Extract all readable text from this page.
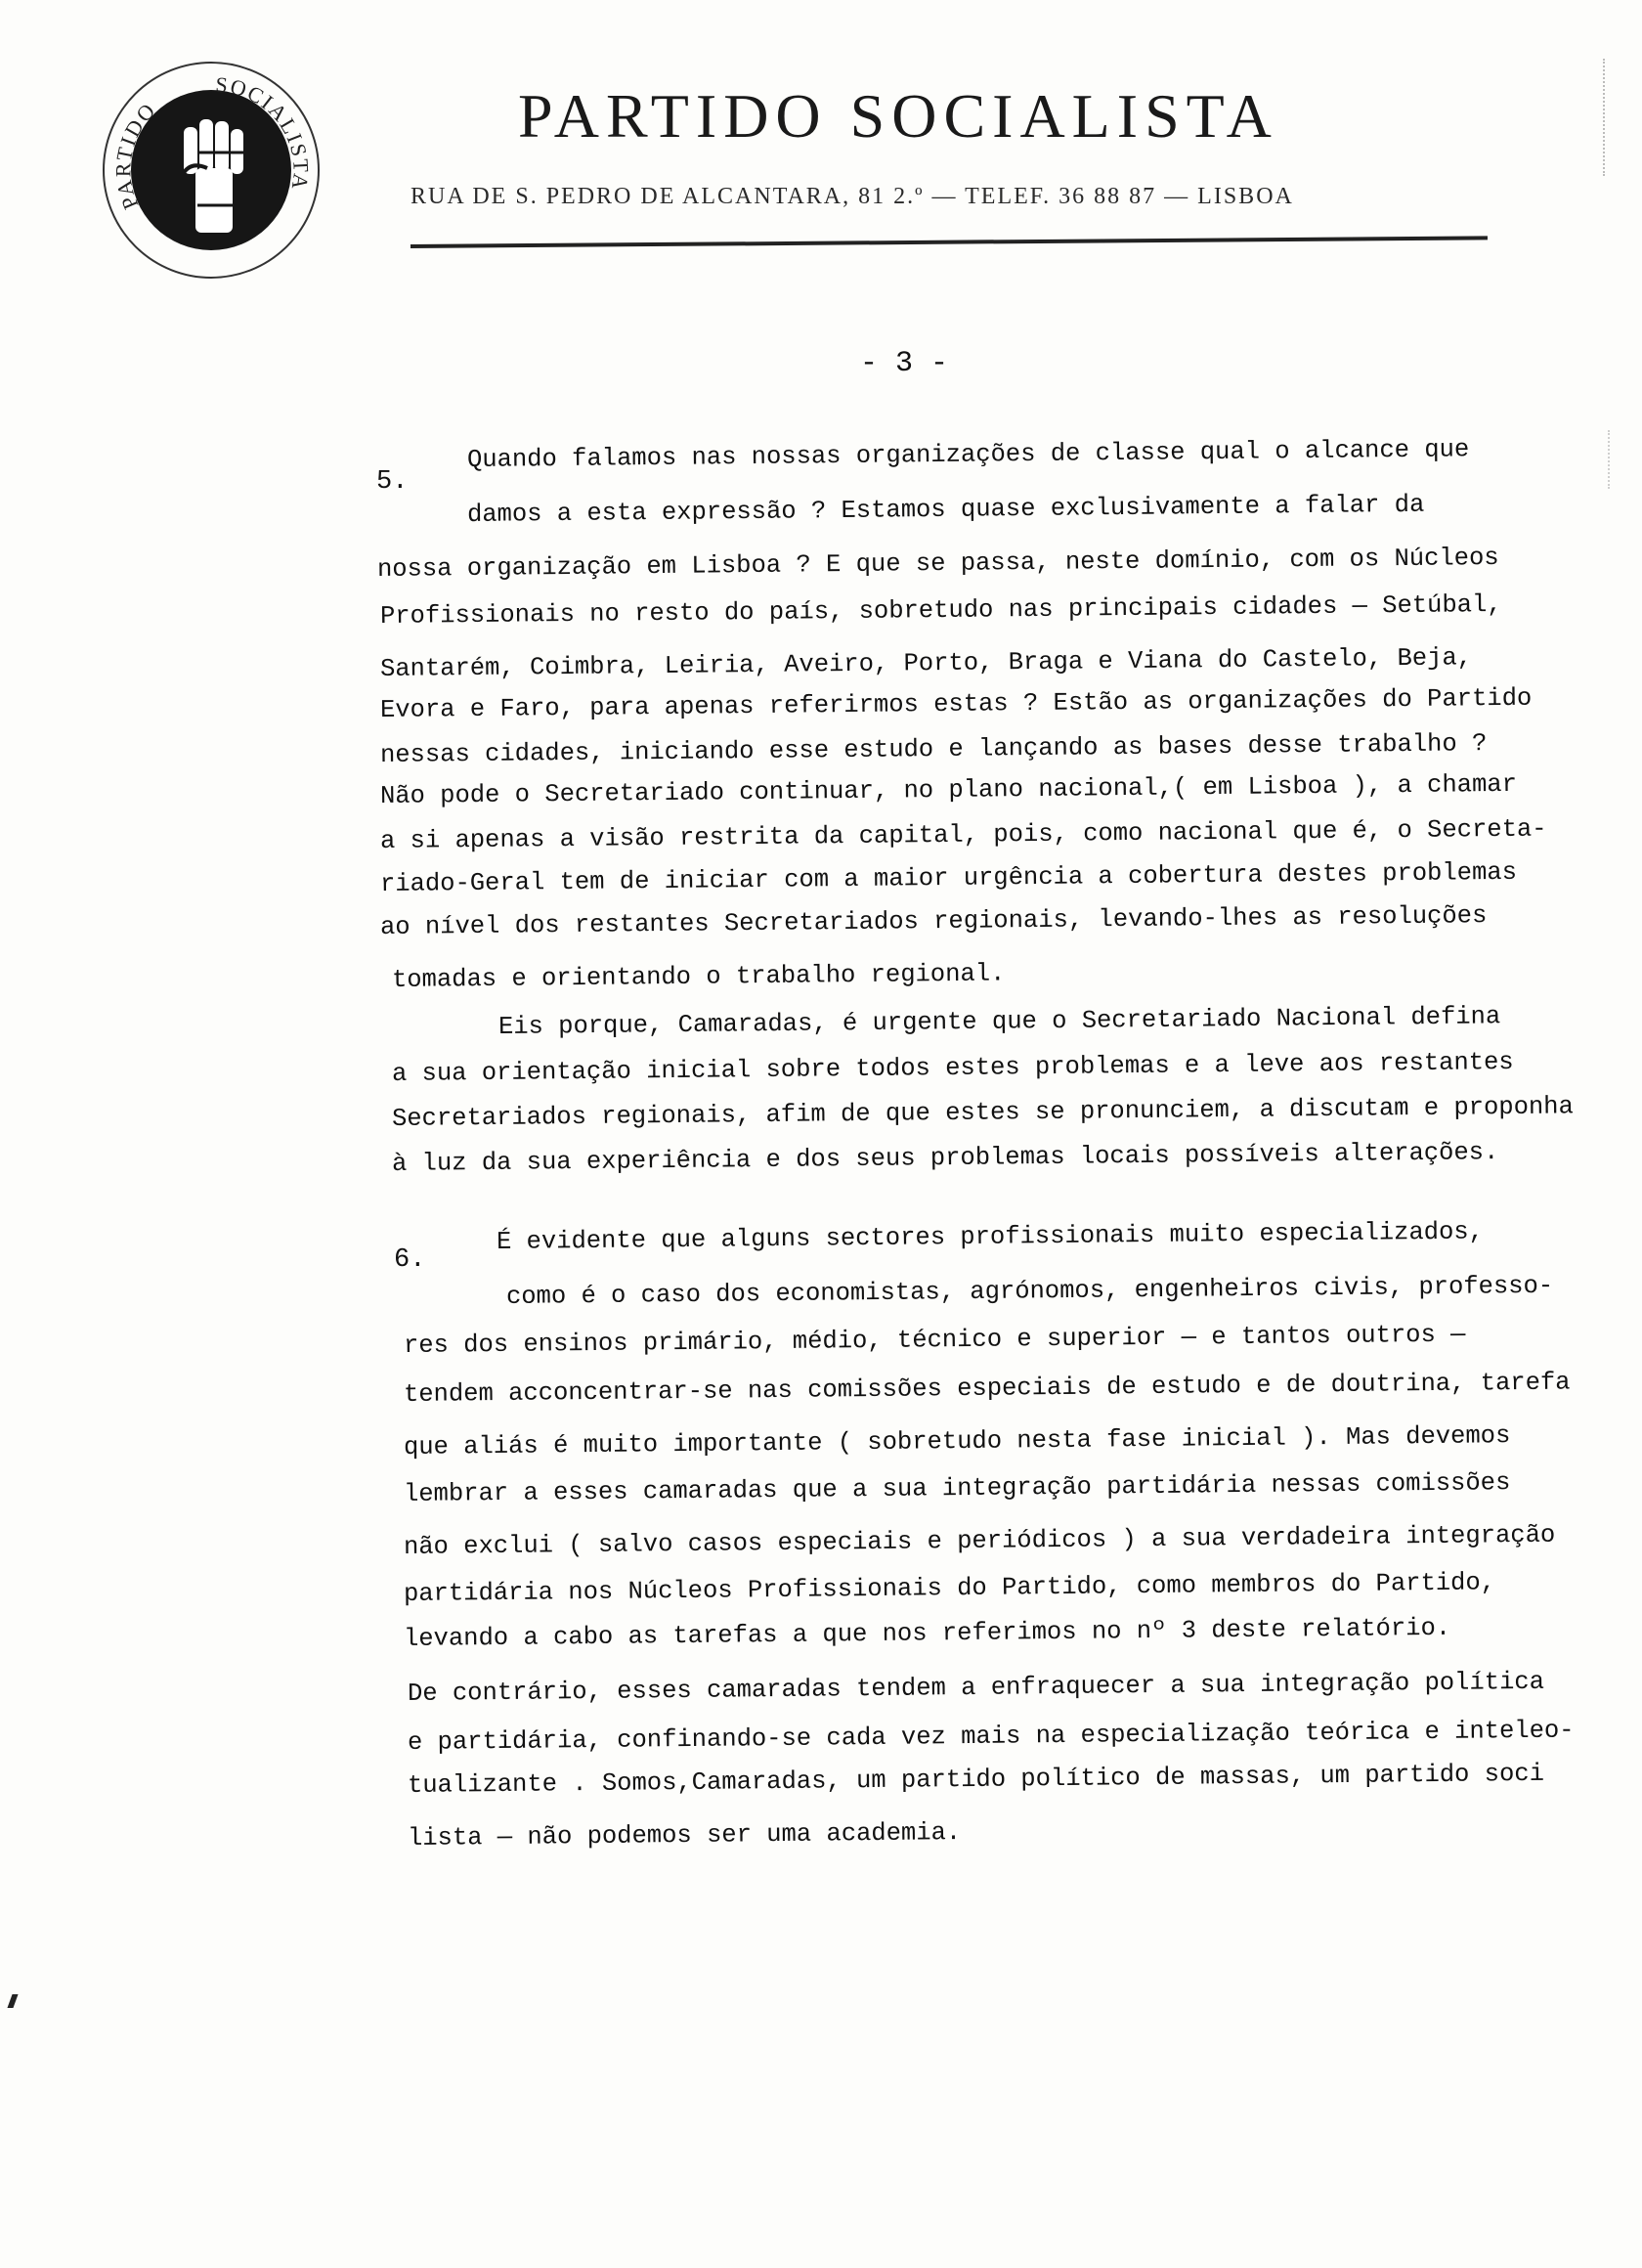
PARTIDO
SOCIALISTA
PARTIDO SOCIALISTA
RUA DE S. PEDRO DE ALCANTARA, 81 2.º — TELEF. 36 88 87 — LISBOA
- 3 -
5.
Quando falamos nas nossas organizações de classe qual o alcance que
damos a esta expressão ? Estamos quase exclusivamente a falar da
nossa organização em Lisboa ? E que se passa, neste domínio, com os Núcleos
Profissionais no resto do país, sobretudo nas principais cidades — Setúbal,
Santarém, Coimbra, Leiria, Aveiro, Porto, Braga e Viana do Castelo, Beja,
Evora e Faro, para apenas referirmos estas ? Estão as organizações do Partido
nessas cidades, iniciando esse estudo e lançando as bases desse trabalho ?
Não pode o Secretariado continuar, no plano nacional,( em Lisboa ), a chamar
a si apenas a visão restrita da capital, pois, como nacional que é, o Secreta-
riado-Geral tem de iniciar com a maior urgência a cobertura destes problemas
ao nível dos restantes Secretariados regionais, levando-lhes as resoluções
tomadas e orientando o trabalho regional.
Eis porque, Camaradas, é urgente que o Secretariado Nacional defina
a sua orientação inicial sobre todos estes problemas e a leve aos restantes
Secretariados regionais, afim de que estes se pronunciem, a discutam e proponha
à luz da sua experiência e dos seus problemas locais possíveis alterações.
6.
É evidente que alguns sectores profissionais muito especializados,
como é o caso dos economistas, agrónomos, engenheiros civis, professo-
res dos ensinos primário, médio, técnico e superior — e tantos outros —
tendem acconcentrar-se nas comissões especiais de estudo e de doutrina, tarefa
que aliás é muito importante ( sobretudo nesta fase inicial ). Mas devemos
lembrar a esses camaradas que a sua integração partidária nessas comissões
não exclui ( salvo casos especiais e periódicos ) a sua verdadeira integração
partidária nos Núcleos Profissionais do Partido, como membros do Partido,
levando a cabo as tarefas a que nos referimos no nº 3 deste relatório.
De contrário, esses camaradas tendem a enfraquecer a sua integração política
e partidária, confinando-se cada vez mais na especialização teórica e inteleo-
tualizante . Somos,Camaradas, um partido político de massas, um partido soci
lista — não podemos ser uma academia.
